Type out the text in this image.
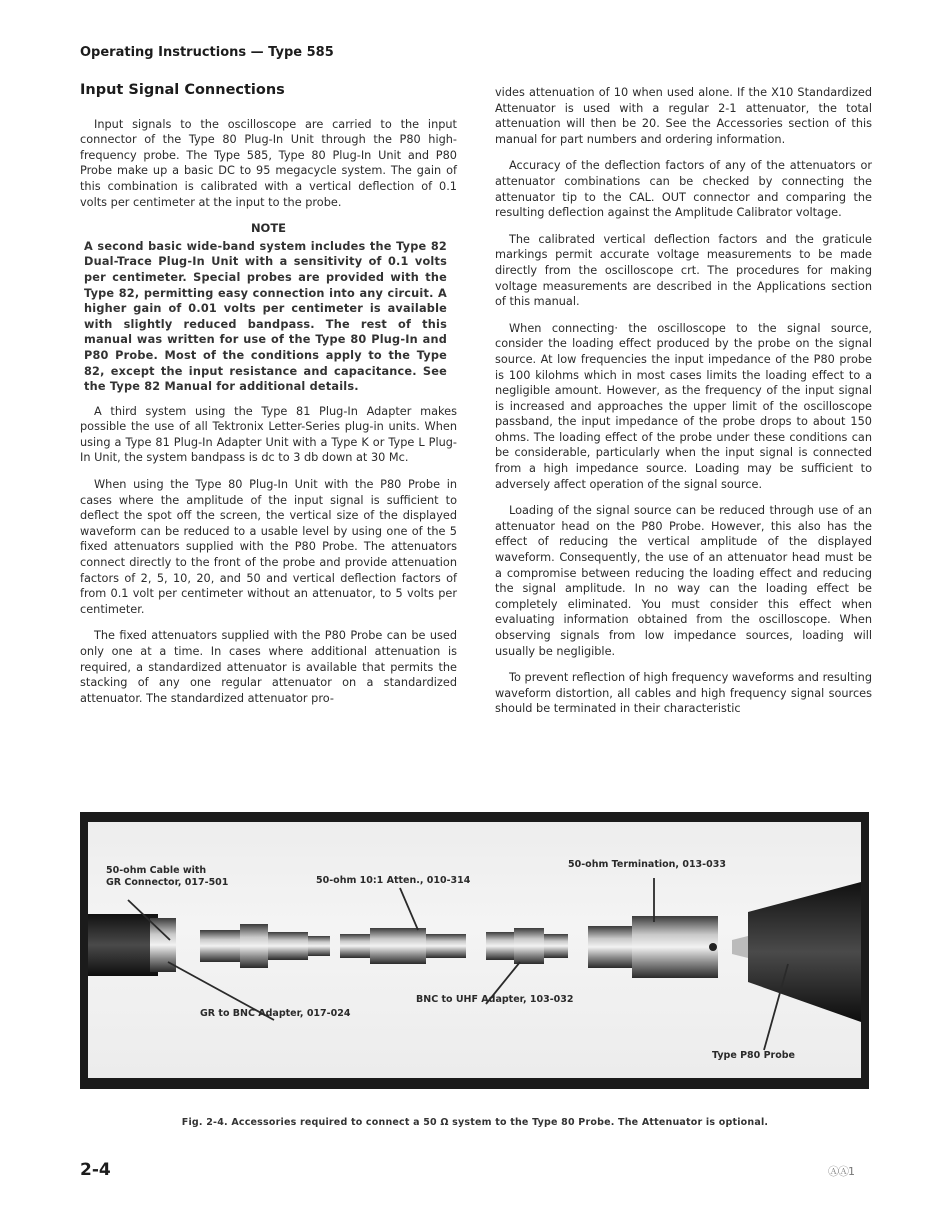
Operating Instructions — Type 585
Input Signal Connections

Input signals to the oscilloscope are carried to the input connector of the Type 80 Plug-In Unit through the P80 high-frequency probe. The Type 585, Type 80 Plug-In Unit and P80 Probe make up a basic DC to 95 megacycle system. The gain of this combination is calibrated with a vertical deflection of 0.1 volts per centimeter at the input to the probe.

NOTE

A second basic wide-band system includes the Type 82 Dual-Trace Plug-In Unit with a sensitivity of 0.1 volts per centimeter. Special probes are provided with the Type 82, permitting easy connection into any circuit. A higher gain of 0.01 volts per centimeter is available with slightly reduced bandpass. The rest of this manual was written for use of the Type 80 Plug-In and P80 Probe. Most of the conditions apply to the Type 82, except the input resistance and capacitance. See the Type 82 Manual for additional details.

A third system using the Type 81 Plug-In Adapter makes possible the use of all Tektronix Letter-Series plug-in units. When using a Type 81 Plug-In Adapter Unit with a Type K or Type L Plug-In Unit, the system bandpass is dc to 3 db down at 30 Mc.

When using the Type 80 Plug-In Unit with the P80 Probe in cases where the amplitude of the input signal is sufficient to deflect the spot off the screen, the vertical size of the displayed waveform can be reduced to a usable level by using one of the 5 fixed attenuators supplied with the P80 Probe. The attenuators connect directly to the front of the probe and provide attenuation factors of 2, 5, 10, 20, and 50 and vertical deflection factors of from 0.1 volt per centimeter without an attenuator, to 5 volts per centimeter.

The fixed attenuators supplied with the P80 Probe can be used only one at a time. In cases where additional attenuation is required, a standardized attenuator is available that permits the stacking of any one regular attenuator on a standardized attenuator. The standardized attenuator pro-

vides attenuation of 10 when used alone. If the X10 Standardized Attenuator is used with a regular 2-1 attenuator, the total attenuation will then be 20. See the Accessories section of this manual for part numbers and ordering information.

Accuracy of the deflection factors of any of the attenuators or attenuator combinations can be checked by connecting the attenuator tip to the CAL. OUT connector and comparing the resulting deflection against the Amplitude Calibrator voltage.

The calibrated vertical deflection factors and the graticule markings permit accurate voltage measurements to be made directly from the oscilloscope crt. The procedures for making voltage measurements are described in the Applications section of this manual.

When connecting· the oscilloscope to the signal source, consider the loading effect produced by the probe on the signal source. At low frequencies the input impedance of the P80 probe is 100 kilohms which in most cases limits the loading effect to a negligible amount. However, as the frequency of the input signal is increased and approaches the upper limit of the oscilloscope passband, the input impedance of the probe drops to about 150 ohms. The loading effect of the probe under these conditions can be considerable, particularly when the input signal is connected from a high impedance source. Loading may be sufficient to adversely affect operation of the signal source.

Loading of the signal source can be reduced through use of an attenuator head on the P80 Probe. However, this also has the effect of reducing the vertical amplitude of the displayed waveform. Consequently, the use of an attenuator head must be a compromise between reducing the loading effect and reducing the signal amplitude. In no way can the loading effect be completely eliminated. You must consider this effect when evaluating information obtained from the oscilloscope. When observing signals from low impedance sources, loading will usually be negligible.

To prevent reflection of high frequency waveforms and resulting waveform distortion, all cables and high frequency signal sources should be terminated in their characteristic

50-ohm Cable with
GR Connector, 017-501	50-ohm 10:1 Atten., 010-314
50-ohm Termination, 013-033
BNC to UHF Adapter, 103-032
GR to BNC Adapter, 017-024
Type P80 Probe
Fig. 2-4. Accessories required to connect a 50 Ω system to the Type 80 Probe. The Attenuator is optional.
2-4	ⒶⒶ1
